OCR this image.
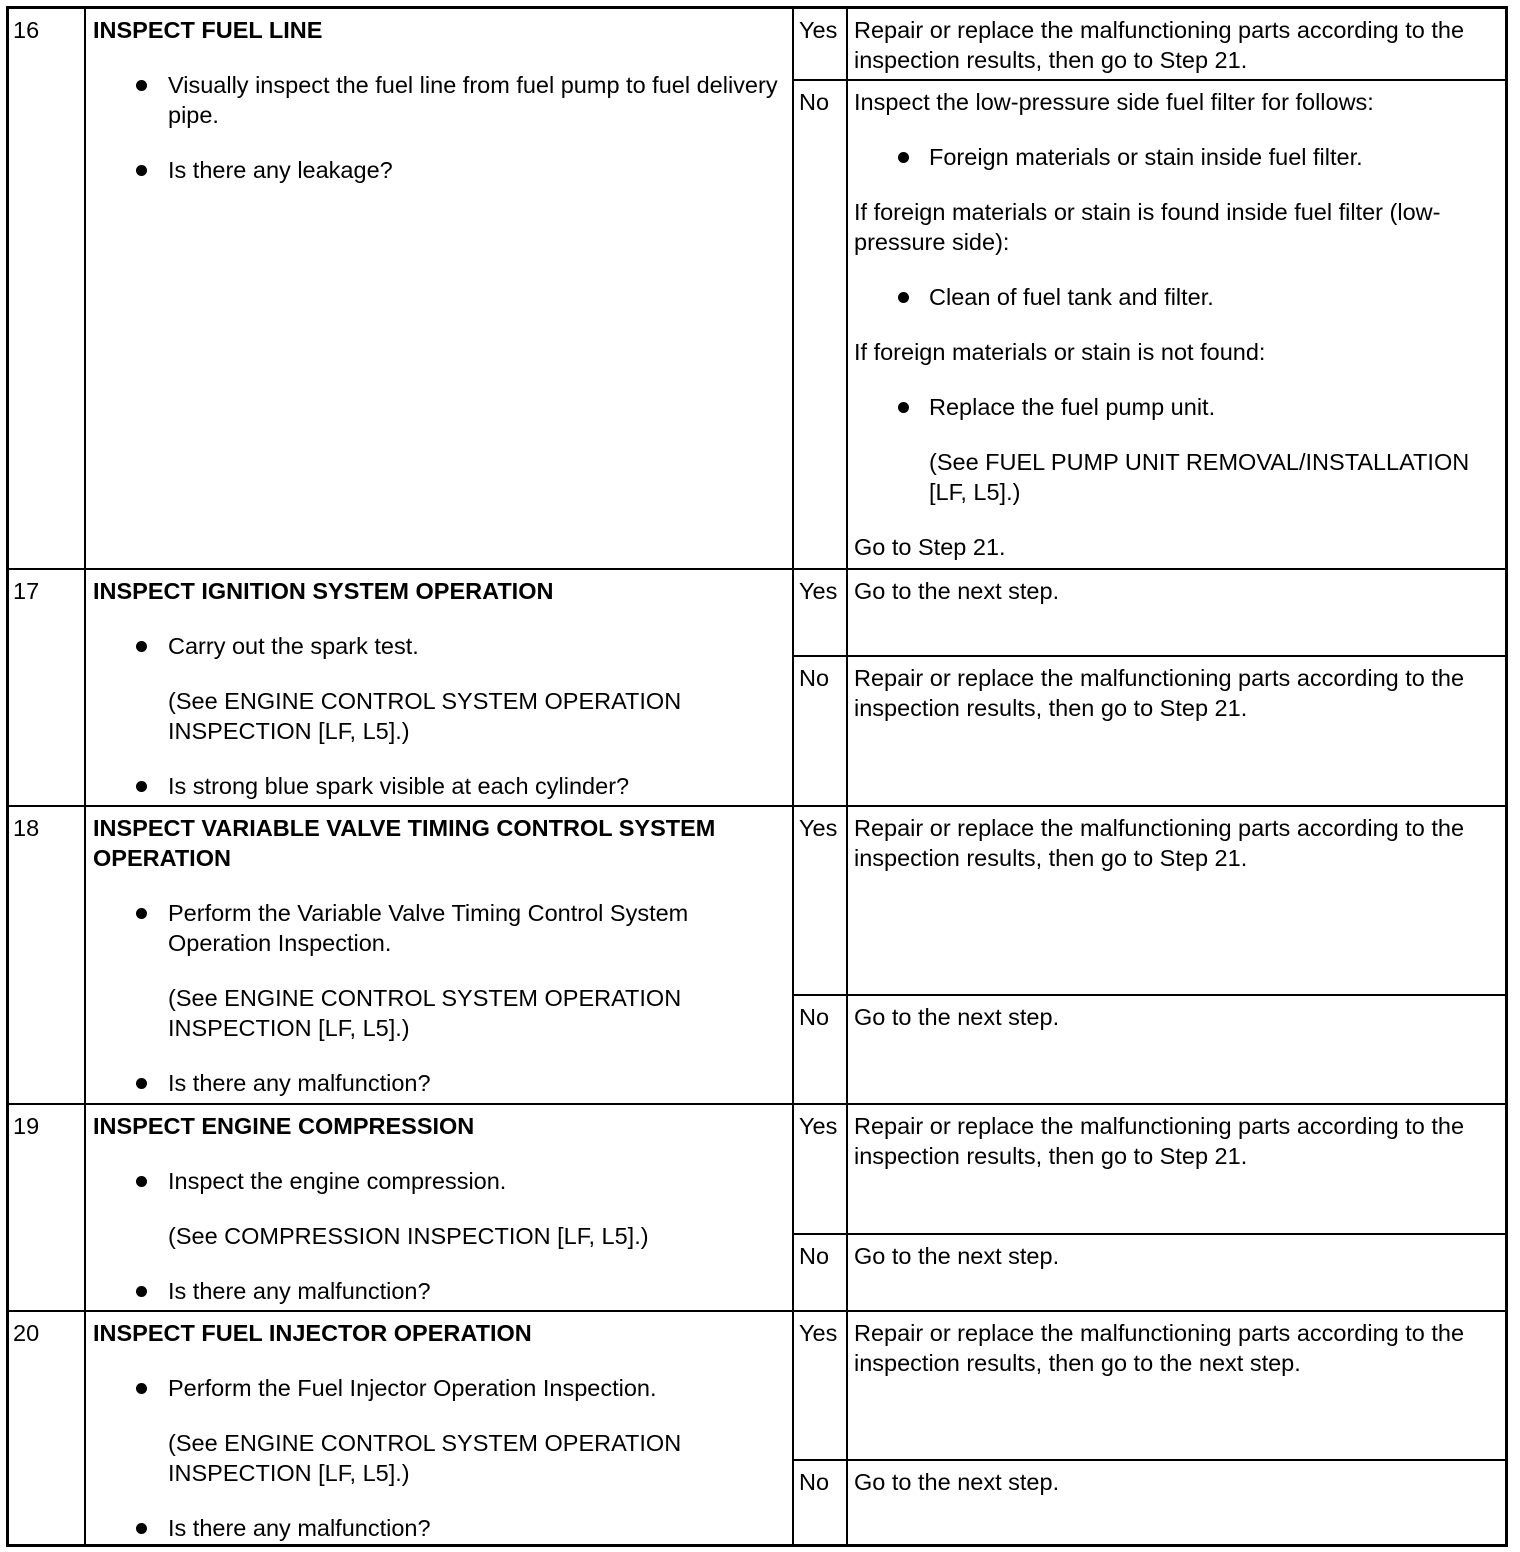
16	INSPECT FUEL LINE
Visually inspect the fuel line from fuel pump to fuel delivery pipe.
Is there any leakage?
Yes Repair or replace the malfunctioning parts according to the inspection results, then go to Step 21.
No	Inspect the low-pressure side fuel filter for follows:
Foreign materials or stain inside fuel filter.
If foreign materials or stain is found inside fuel filter (low-pressure side):
Clean of fuel tank and filter.
If foreign materials or stain is not found:
Replace the fuel pump unit.
(See FUEL PUMP UNIT REMOVAL/INSTALLATION [LF, L5].)
Go to Step 21.
17	INSPECT IGNITION SYSTEM OPERATION
Carry out the spark test.
(See ENGINE CONTROL SYSTEM OPERATION INSPECTION [LF, L5].)
Is strong blue spark visible at each cylinder?
Yes Go to the next step.
No	Repair or replace the malfunctioning parts according to the inspection results, then go to Step 21.
18	INSPECT VARIABLE VALVE TIMING CONTROL SYSTEM OPERATION
Perform the Variable Valve Timing Control System Operation Inspection.
(See ENGINE CONTROL SYSTEM OPERATION INSPECTION [LF, L5].)
Is there any malfunction?
Yes Repair or replace the malfunctioning parts according to the inspection results, then go to Step 21.
No	Go to the next step.
19	INSPECT ENGINE COMPRESSION
Inspect the engine compression.
(See COMPRESSION INSPECTION [LF, L5].)
Is there any malfunction?
Yes Repair or replace the malfunctioning parts according to the inspection results, then go to Step 21.
No	Go to the next step.
20	INSPECT FUEL INJECTOR OPERATION
Perform the Fuel Injector Operation Inspection.
(See ENGINE CONTROL SYSTEM OPERATION INSPECTION [LF, L5].)
Is there any malfunction?
Yes Repair or replace the malfunctioning parts according to the inspection results, then go to the next step.
No	Go to the next step.
